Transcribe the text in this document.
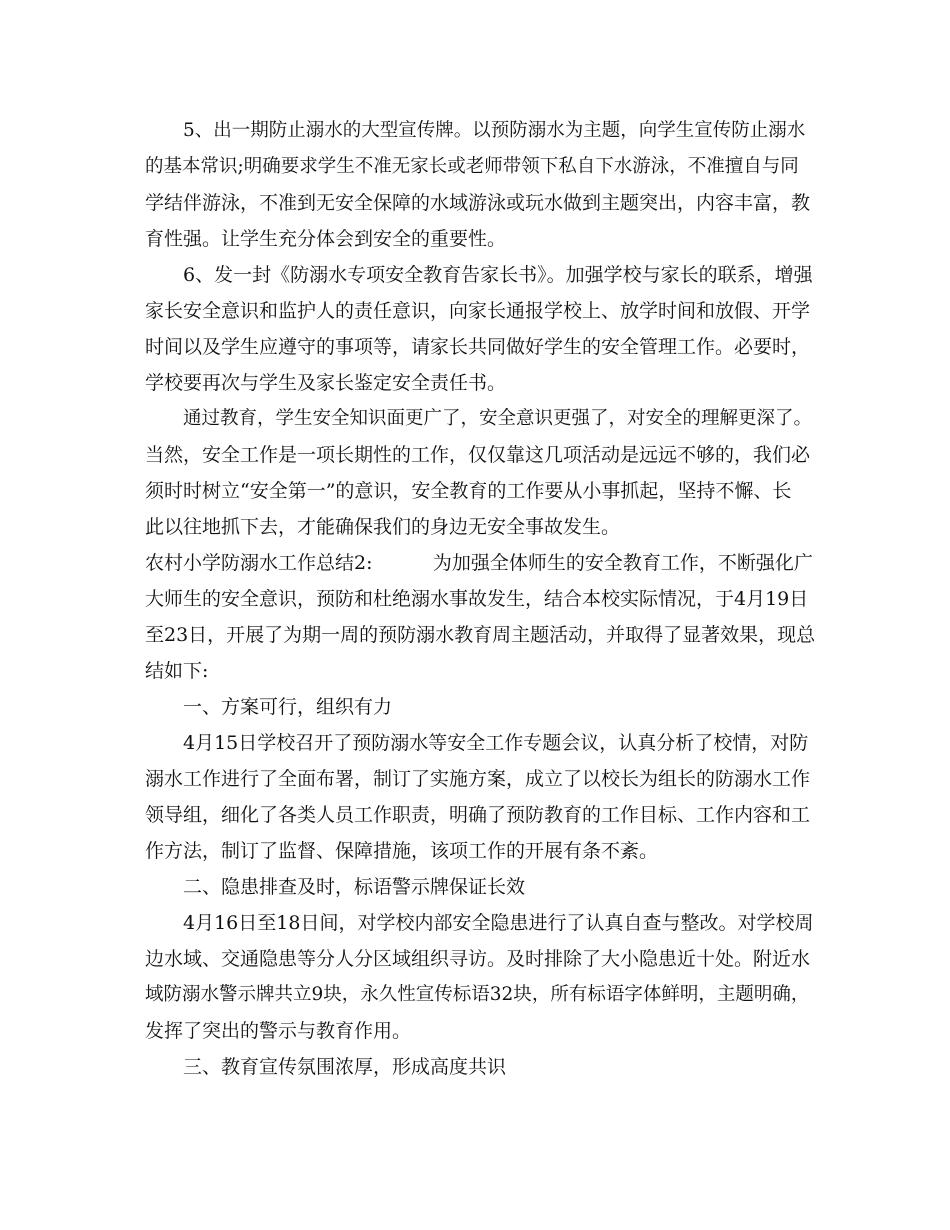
5、出一期防止溺水的大型宣传牌。以预防溺水为主题，向学生宣传防止溺水
的基本常识;明确要求学生不准无家长或老师带领下私自下水游泳，不准擅自与同
学结伴游泳，不准到无安全保障的水域游泳或玩水做到主题突出，内容丰富，教
育性强。让学生充分体会到安全的重要性。
6、发一封《防溺水专项安全教育告家长书》。加强学校与家长的联系，增强
家长安全意识和监护人的责任意识，向家长通报学校上、放学时间和放假、开学
时间以及学生应遵守的事项等，请家长共同做好学生的安全管理工作。必要时，
学校要再次与学生及家长鉴定安全责任书。
通过教育，学生安全知识面更广了，安全意识更强了，对安全的理解更深了。
当然，安全工作是一项长期性的工作，仅仅靠这几项活动是远远不够的，我们必
须时时树立“安全第一”的意识，安全教育的工作要从小事抓起，坚持不懈、长
此以往地抓下去，才能确保我们的身边无安全事故发生。
农村小学防溺水工作总结2:          为加强全体师生的安全教育工作，不断强化广
大师生的安全意识，预防和杜绝溺水事故发生，结合本校实际情况，于4月19日
至23日，开展了为期一周的预防溺水教育周主题活动，并取得了显著效果，现总
结如下:
一、方案可行，组织有力
4月15日学校召开了预防溺水等安全工作专题会议，认真分析了校情，对防
溺水工作进行了全面布署，制订了实施方案，成立了以校长为组长的防溺水工作
领导组，细化了各类人员工作职责，明确了预防教育的工作目标、工作内容和工
作方法，制订了监督、保障措施，该项工作的开展有条不紊。
二、隐患排查及时，标语警示牌保证长效
4月16日至18日间，对学校内部安全隐患进行了认真自查与整改。对学校周
边水域、交通隐患等分人分区域组织寻访。及时排除了大小隐患近十处。附近水
域防溺水警示牌共立9块，永久性宣传标语32块，所有标语字体鲜明，主题明确，
发挥了突出的警示与教育作用。
三、教育宣传氛围浓厚，形成高度共识
